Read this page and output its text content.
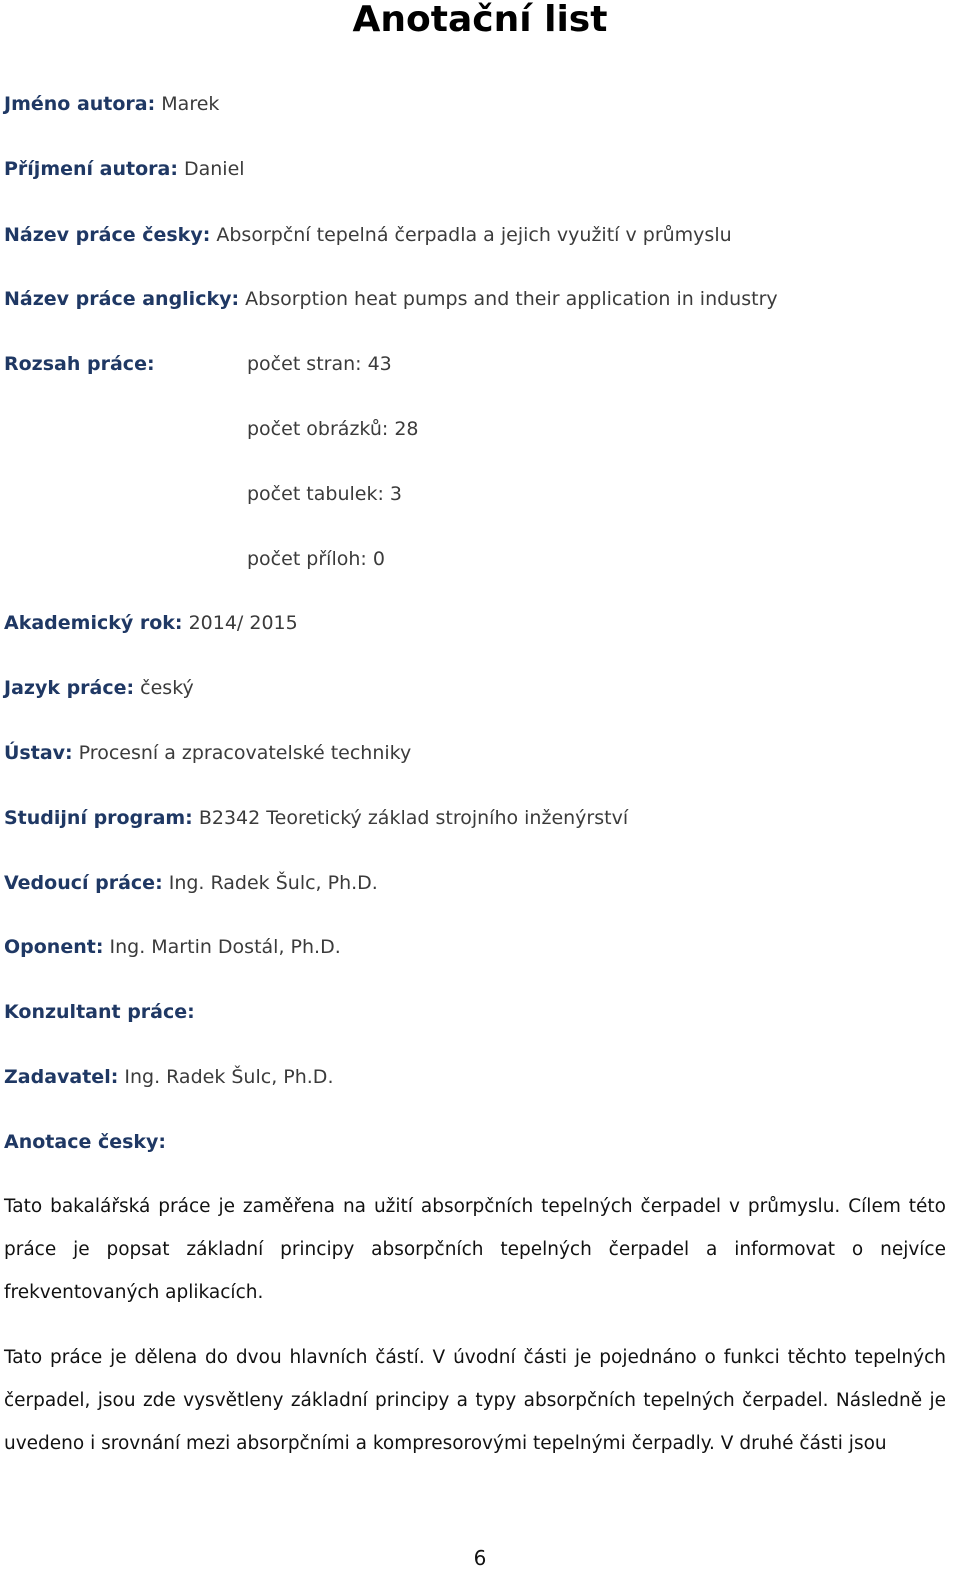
Anotační list
Jméno autora: Marek
Příjmení autora: Daniel
Název práce česky: Absorpční tepelná čerpadla a jejich využití v průmyslu
Název práce anglicky: Absorption heat pumps and their application in industry
Rozsah práce:	počet stran: 43
počet obrázků: 28
počet tabulek: 3
počet příloh: 0
Akademický rok: 2014/ 2015
Jazyk práce: český
Ústav: Procesní a zpracovatelské techniky
Studijní program: B2342 Teoretický základ strojního inženýrství
Vedoucí práce: Ing. Radek Šulc, Ph.D.
Oponent: Ing. Martin Dostál, Ph.D.
Konzultant práce:
Zadavatel: Ing. Radek Šulc, Ph.D.
Anotace česky:

Tato bakalářská práce je zaměřena na užití absorpčních tepelných čerpadel v průmyslu. Cílem této práce je popsat základní principy absorpčních tepelných čerpadel a informovat o nejvíce frekventovaných aplikacích.

Tato práce je dělena do dvou hlavních částí. V úvodní části je pojednáno o funkci těchto tepelných čerpadel, jsou zde vysvětleny základní principy a typy absorpčních tepelných čerpadel. Následně je uvedeno i srovnání mezi absorpčními a kompresorovými tepelnými čerpadly. V druhé části jsou

6
